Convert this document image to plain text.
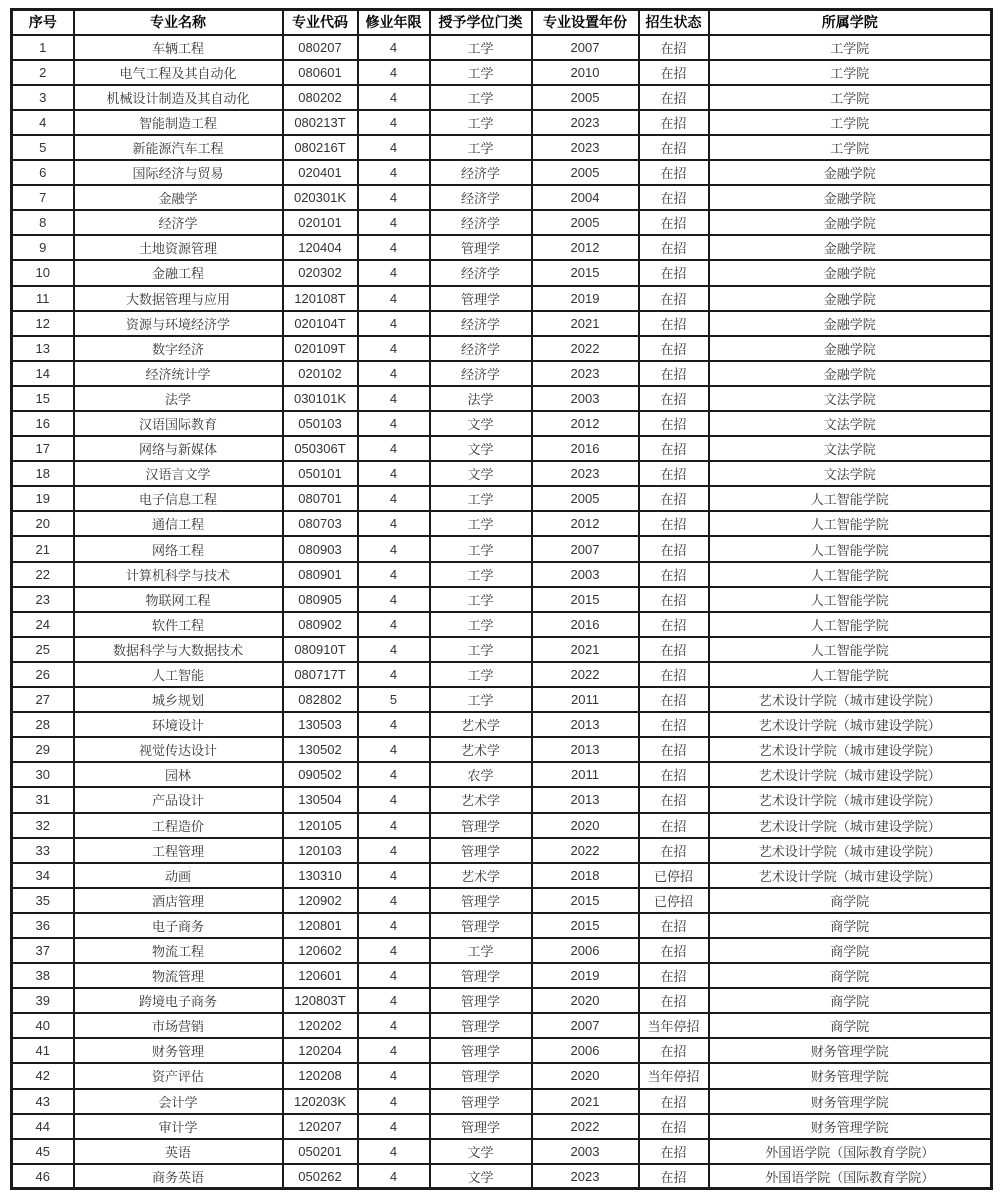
序号	专业名称	专业代码	修业年限	授予学位门类	专业设置年份	招生状态	所属学院
1	车辆工程	080207	4	工学	2007	在招	工学院
2	电气工程及其自动化	080601	4	工学	2010	在招	工学院
3	机械设计制造及其自动化	080202	4	工学	2005	在招	工学院
4	智能制造工程	080213T	4	工学	2023	在招	工学院
5	新能源汽车工程	080216T	4	工学	2023	在招	工学院
6	国际经济与贸易	020401	4	经济学	2005	在招	金融学院
7	金融学	020301K	4	经济学	2004	在招	金融学院
8	经济学	020101	4	经济学	2005	在招	金融学院
9	土地资源管理	120404	4	管理学	2012	在招	金融学院
10	金融工程	020302	4	经济学	2015	在招	金融学院
11	大数据管理与应用	120108T	4	管理学	2019	在招	金融学院
12	资源与环境经济学	020104T	4	经济学	2021	在招	金融学院
13	数字经济	020109T	4	经济学	2022	在招	金融学院
14	经济统计学	020102	4	经济学	2023	在招	金融学院
15	法学	030101K	4	法学	2003	在招	文法学院
16	汉语国际教育	050103	4	文学	2012	在招	文法学院
17	网络与新媒体	050306T	4	文学	2016	在招	文法学院
18	汉语言文学	050101	4	文学	2023	在招	文法学院
19	电子信息工程	080701	4	工学	2005	在招	人工智能学院
20	通信工程	080703	4	工学	2012	在招	人工智能学院
21	网络工程	080903	4	工学	2007	在招	人工智能学院
22	计算机科学与技术	080901	4	工学	2003	在招	人工智能学院
23	物联网工程	080905	4	工学	2015	在招	人工智能学院
24	软件工程	080902	4	工学	2016	在招	人工智能学院
25	数据科学与大数据技术	080910T	4	工学	2021	在招	人工智能学院
26	人工智能	080717T	4	工学	2022	在招	人工智能学院
27	城乡规划	082802	5	工学	2011	在招	艺术设计学院（城市建设学院）
28	环境设计	130503	4	艺术学	2013	在招	艺术设计学院（城市建设学院）
29	视觉传达设计	130502	4	艺术学	2013	在招	艺术设计学院（城市建设学院）
30	园林	090502	4	农学	2011	在招	艺术设计学院（城市建设学院）
31	产品设计	130504	4	艺术学	2013	在招	艺术设计学院（城市建设学院）
32	工程造价	120105	4	管理学	2020	在招	艺术设计学院（城市建设学院）
33	工程管理	120103	4	管理学	2022	在招	艺术设计学院（城市建设学院）
34	动画	130310	4	艺术学	2018	已停招	艺术设计学院（城市建设学院）
35	酒店管理	120902	4	管理学	2015	已停招	商学院
36	电子商务	120801	4	管理学	2015	在招	商学院
37	物流工程	120602	4	工学	2006	在招	商学院
38	物流管理	120601	4	管理学	2019	在招	商学院
39	跨境电子商务	120803T	4	管理学	2020	在招	商学院
40	市场营销	120202	4	管理学	2007	当年停招	商学院
41	财务管理	120204	4	管理学	2006	在招	财务管理学院
42	资产评估	120208	4	管理学	2020	当年停招	财务管理学院
43	会计学	120203K	4	管理学	2021	在招	财务管理学院
44	审计学	120207	4	管理学	2022	在招	财务管理学院
45	英语	050201	4	文学	2003	在招	外国语学院（国际教育学院）
46	商务英语	050262	4	文学	2023	在招	外国语学院（国际教育学院）
